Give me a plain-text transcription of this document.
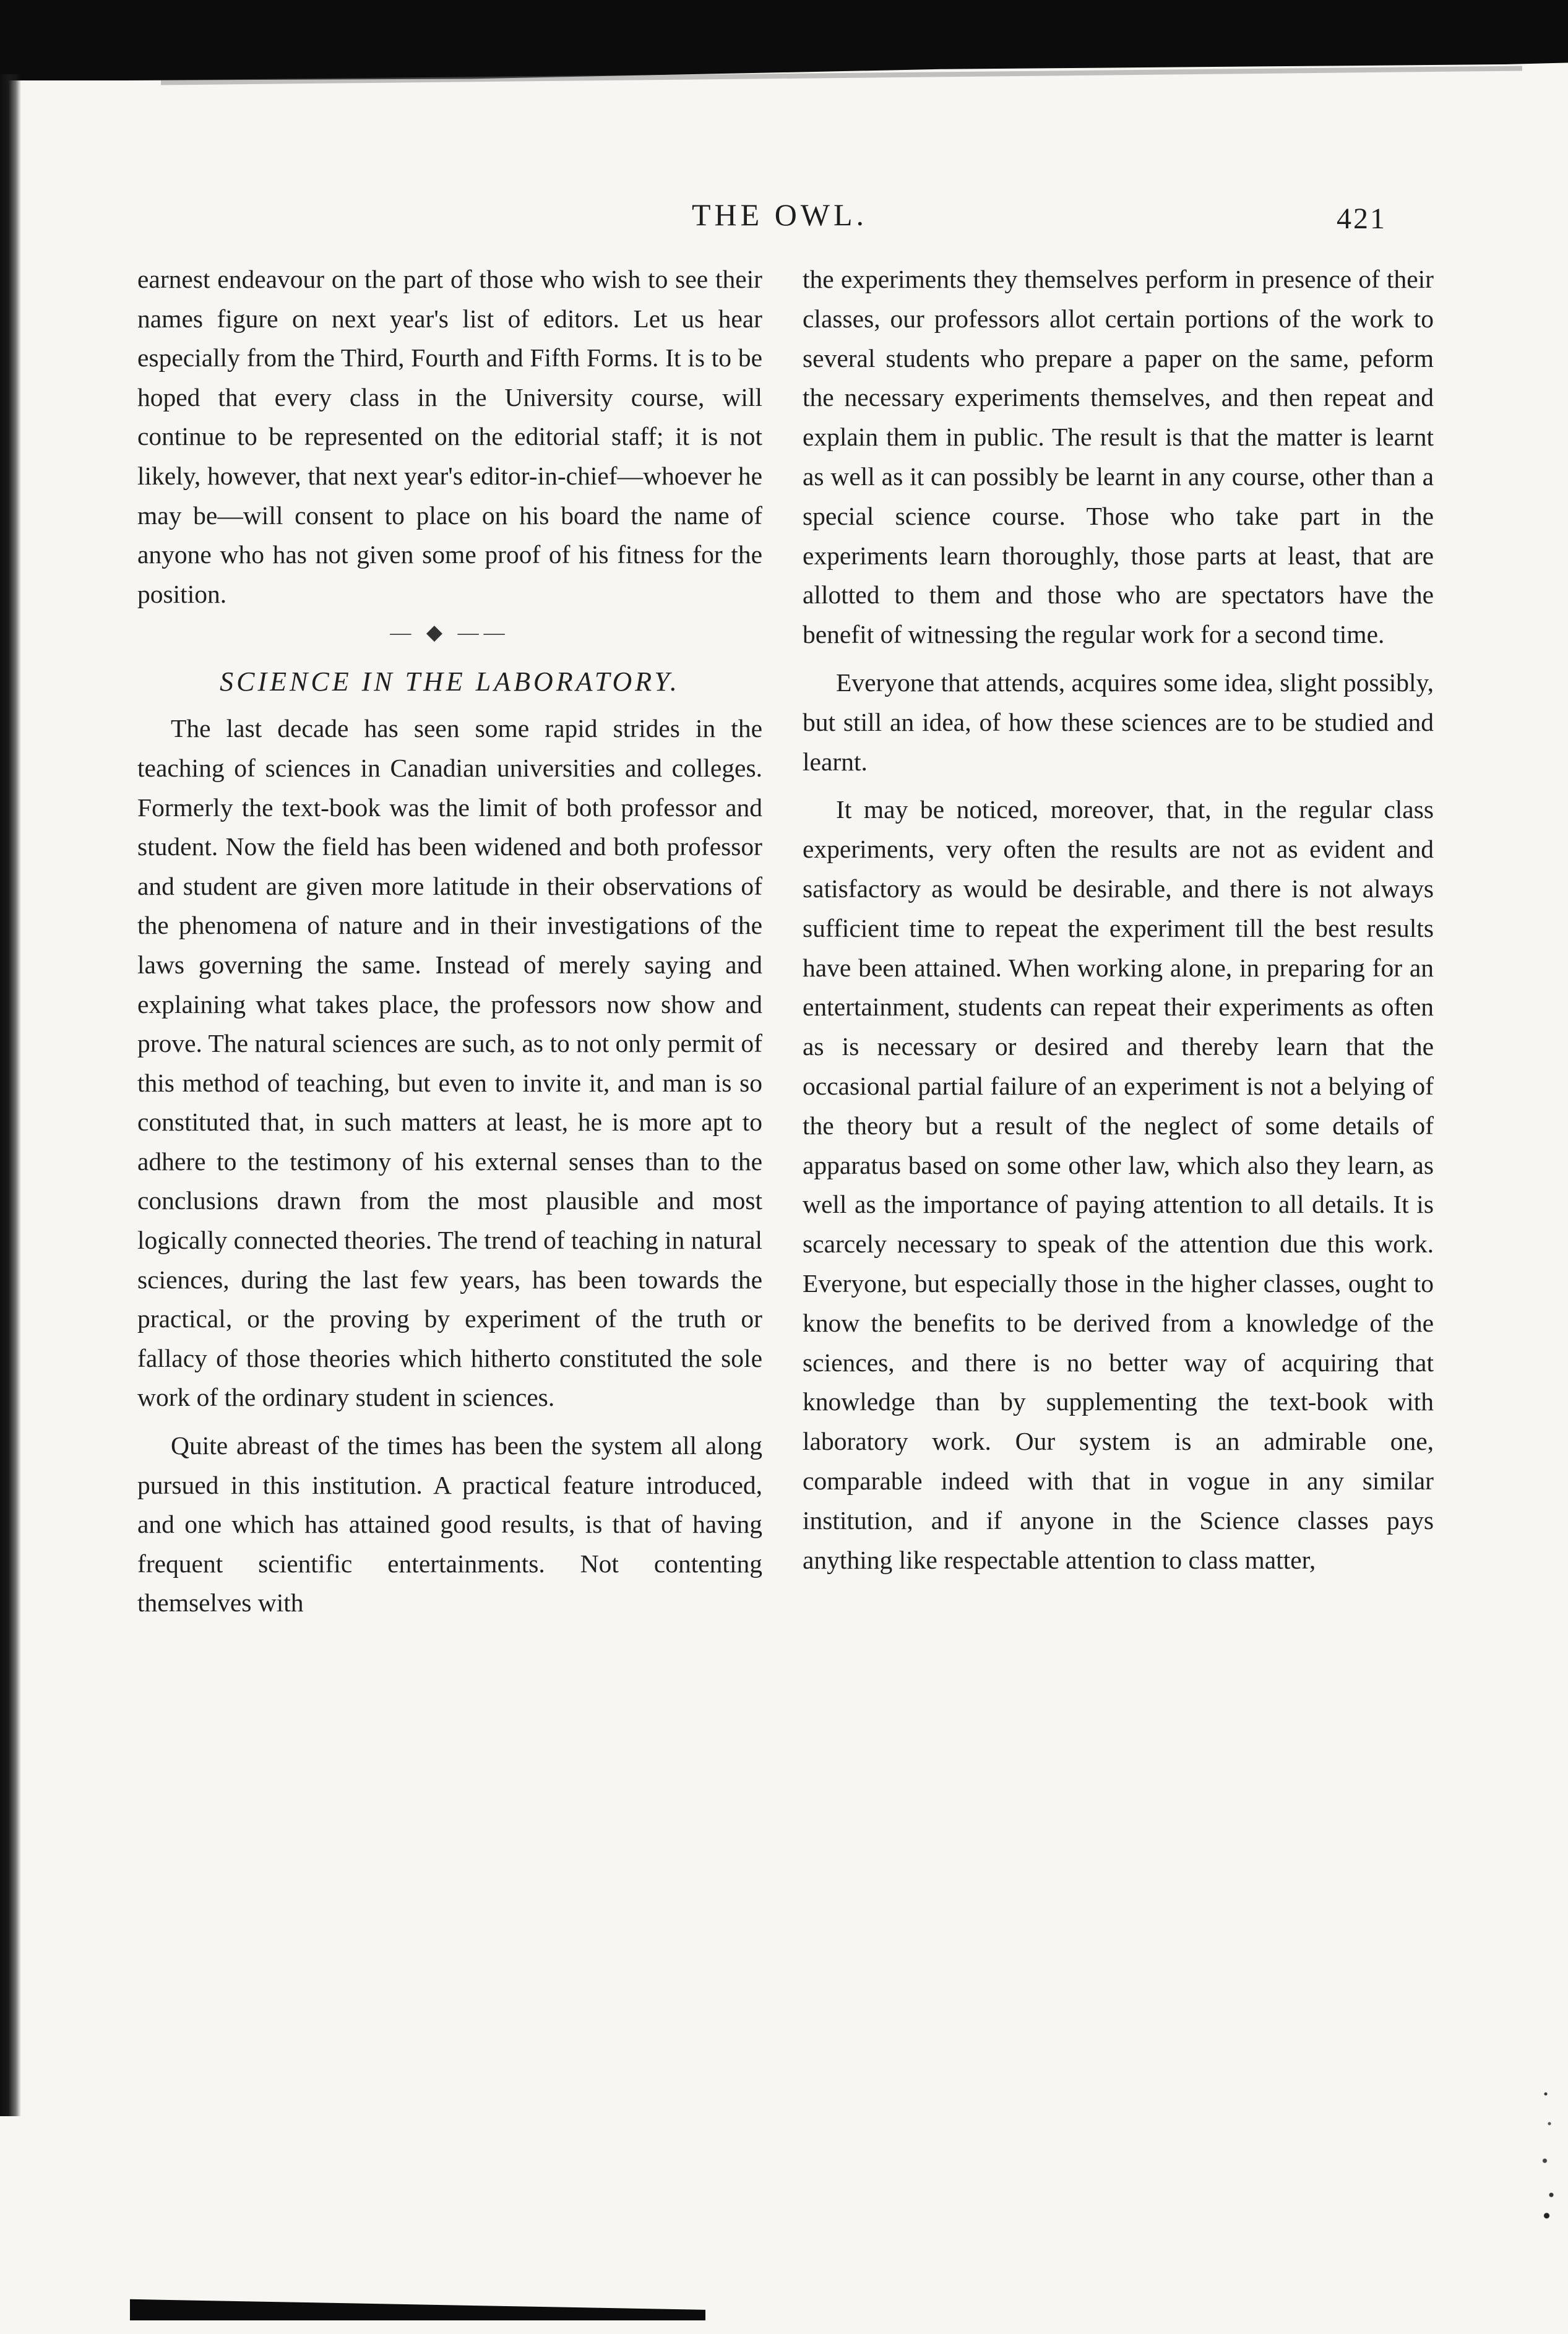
THE OWL.	421

earnest endeavour on the part of those who wish to see their names figure on next year's list of editors. Let us hear especially from the Third, Fourth and Fifth Forms. It is to be hoped that every class in the University course, will continue to be represented on the editorial staff; it is not likely, however, that next year's editor-in-chief—whoever he may be—will consent to place on his board the name of anyone who has not given some proof of his fitness for the position.

— ◆ ——
SCIENCE IN THE LABORATORY.

The last decade has seen some rapid strides in the teaching of sciences in Canadian universities and colleges. Formerly the text-book was the limit of both professor and student. Now the field has been widened and both professor and student are given more latitude in their observations of the phenomena of nature and in their investigations of the laws governing the same. Instead of merely saying and explaining what takes place, the professors now show and prove. The natural sciences are such, as to not only permit of this method of teaching, but even to invite it, and man is so constituted that, in such matters at least, he is more apt to adhere to the testimony of his external senses than to the conclusions drawn from the most plausible and most logically connected theories. The trend of teaching in natural sciences, during the last few years, has been towards the practical, or the proving by experiment of the truth or fallacy of those theories which hitherto constituted the sole work of the ordinary student in sciences.

Quite abreast of the times has been the system all along pursued in this institution. A practical feature introduced, and one which has attained good results, is that of having frequent scientific entertainments. Not contenting themselves with

the experiments they themselves perform in presence of their classes, our professors allot certain portions of the work to several students who prepare a paper on the same, peform the necessary experiments themselves, and then repeat and explain them in public. The result is that the matter is learnt as well as it can possibly be learnt in any course, other than a special science course. Those who take part in the experiments learn thoroughly, those parts at least, that are allotted to them and those who are spectators have the benefit of witnessing the regular work for a second time.

Everyone that attends, acquires some idea, slight possibly, but still an idea, of how these sciences are to be studied and learnt.

It may be noticed, moreover, that, in the regular class experiments, very often the results are not as evident and satisfactory as would be desirable, and there is not always sufficient time to repeat the experiment till the best results have been attained. When working alone, in preparing for an entertainment, students can repeat their experiments as often as is necessary or desired and thereby learn that the occasional partial failure of an experiment is not a belying of the theory but a result of the neglect of some details of apparatus based on some other law, which also they learn, as well as the importance of paying attention to all details. It is scarcely necessary to speak of the attention due this work. Everyone, but especially those in the higher classes, ought to know the benefits to be derived from a knowledge of the sciences, and there is no better way of acquiring that knowledge than by supplementing the text-book with laboratory work. Our system is an admirable one, comparable indeed with that in vogue in any similar institution, and if anyone in the Science classes pays anything like respectable attention to class matter,
